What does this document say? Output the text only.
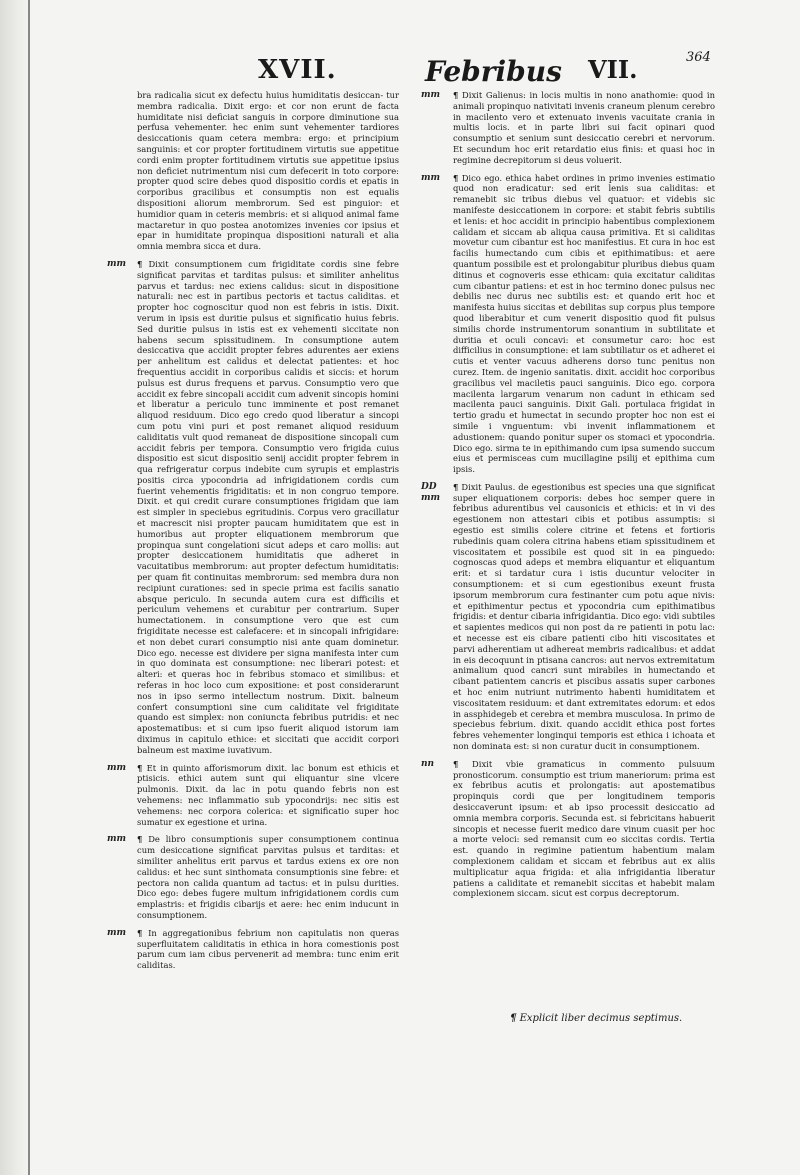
XVII.	Febribus VII.	364

bra radicalia sicut ex defectu huius humiditatis desiccan- tur membra radicalia. Dixit ergo: et cor non erunt de facta humiditate nisi deficiat sanguis in corpore diminutione sua perfusa vehementer. hec enim sunt vehementer tardiores desiccationis quam cetera membra: ergo: et principium sanguinis: et cor propter fortitudinem virtutis sue appetitue cordi enim propter fortitudinem virtutis sue appetitue ipsius non deficiet nutrimentum nisi cum defecerit in toto corpore: propter quod scire debes quod dispositio cordis et epatis in corporibus gracilibus et consumptis non est equalis dispositioni aliorum membrorum. Sed est pinguior: et humidior quam in ceteris membris: et si aliquod animal fame mactaretur in quo postea anotomizes invenies cor ipsius et epar in humiditate propinqua dispositioni naturali et alia omnia membra sicca et dura.

mm ¶ Dixit consumptionem cum frigiditate cordis sine febre significat parvitas et tarditas pulsus: et similiter anhelitus parvus et tardus: nec exiens calidus: sicut in dispositione naturali: nec est in partibus pectoris et tactus caliditas. et propter hoc cognoscitur quod non est febris in istis. Dixit. verum in ipsis est duritie pulsus et significatio huius febris. Sed duritie pulsus in istis est ex vehementi siccitate non habens secum spissitudinem. In consumptione autem desiccativa que accidit propter febres adurentes aer exiens per anhelitum est calidus et delectat patientes: et hoc frequentius accidit in corporibus calidis et siccis: et horum pulsus est durus frequens et parvus. Consumptio vero que accidit ex febre sincopali accidit cum advenit sincopis homini et liberatur a periculo tunc imminente et post remanet aliquod residuum. Dico ego credo quod liberatur a sincopi cum potu vini puri et post remanet aliquod residuum caliditatis vult quod remaneat de dispositione sincopali cum accidit febris per tempora. Consumptio vero frigida cuius dispositio est sicut dispositio senij accidit propter febrem in qua refrigeratur corpus indebite cum syrupis et emplastris positis circa ypocondria ad infrigidationem cordis cum fuerint vehementis frigiditatis: et in non congruo tempore. Dixit. et qui credit curare consumptiones frigidam que iam est simpler in speciebus egritudinis. Corpus vero gracillatur et macrescit nisi propter paucam humiditatem que est in humoribus aut propter eliquationem membrorum que propinqua sunt congelationi sicut adeps et caro mollis: aut propter desiccationem humiditatis que adheret in vacuitatibus membrorum: aut propter defectum humiditatis: per quam fit continuitas membrorum: sed membra dura non recipiunt curationes: sed in specie prima est facilis sanatio absque periculo. In secunda autem cura est difficilis et periculum vehemens et curabitur per contrarium. Super humectationem. in consumptione vero que est cum frigiditate necesse est calefacere: et in sincopali infrigidare: et non debet curari consumptio nisi ante quam dominetur. Dico ego. necesse est dividere per signa manifesta inter cum in quo dominata est consumptione: nec liberari potest: et alteri: et queras hoc in febribus stomaco et similibus: et referas in hoc loco cum expositione: et post considerarunt nos in ipso sermo intellectum nostrum. Dixit. balneum confert consumptioni sine cum caliditate vel frigiditate quando est simplex: non coniuncta febribus putridis: et nec apostematibus: et si cum ipso fuerit aliquod istorum iam diximus in capitulo ethice: et siccitati que accidit corpori balneum est maxime iuvativum.

mm ¶ Et in quinto afforismorum dixit. lac bonum est ethicis et ptisicis. ethici autem sunt qui eliquantur sine vlcere pulmonis. Dixit. da lac in potu quando febris non est vehemens: nec inflammatio sub ypocondrijs: nec sitis est vehemens: nec corpora colerica: et significatio super hoc sumatur ex egestione et urina.

mm ¶ De libro consumptionis super consumptionem continua cum desiccatione significat parvitas pulsus et tarditas: et similiter anhelitus erit parvus et tardus exiens ex ore non calidus: et hec sunt sinthomata consumptionis sine febre: et pectora non calida quantum ad tactus: et in pulsu durities. Dico ego: debes fugere multum infrigidationem cordis cum emplastris: et frigidis cibarijs et aere: hec enim inducunt in consumptionem.

mm ¶ In aggregationibus febrium non capitulatis non queras superfluitatem caliditatis in ethica in hora comestionis post parum cum iam cibus pervenerit ad membra: tunc enim erit caliditas.

mm ¶ Dixit Galienus: in locis multis in nono anathomie: quod in animali propinquo nativitati invenis craneum plenum cerebro in macilento vero et extenuato invenis vacuitate crania in multis locis. et in parte libri sui facit opinari quod consumptio et senium sunt desiccatio cerebri et nervorum. Et secundum hoc erit retardatio eius finis: et quasi hoc in regimine decrepitorum si deus voluerit.

mm ¶ Dico ego. ethica habet ordines in primo invenies estimatio quod non eradicatur: sed erit lenis sua caliditas: et remanebit sic tribus diebus vel quatuor: et videbis sic manifeste desiccationem in corpore: et stabit febris subtilis et lenis: et hoc accidit in principio habentibus complexionem calidam et siccam ab aliqua causa primitiva. Et si caliditas movetur cum cibantur est hoc manifestius. Et cura in hoc est facilis humectando cum cibis et epithimatibus: et aere quantum possibile est et prolongabitur pluribus diebus quam ditinus et cognoveris esse ethicam: quia excitatur caliditas cum cibantur patiens: et est in hoc termino donec pulsus nec debilis nec durus nec subtilis est: et quando erit hoc et manifesta huius siccitas et debilitas sup corpus plus tempore quod liberabitur et cum venerit dispositio quod fit pulsus similis chorde instrumentorum sonantium in subtilitate et duritia et oculi concavi: et consumetur caro: hoc est difficilius in consumptione: et iam subtiliatur os et adheret ei cutis et venter vacuus adherens dorso tunc penitus non curez. Item. de ingenio sanitatis. dixit. accidit hoc corporibus gracilibus vel maciletis pauci sanguinis. Dico ego. corpora macilenta largarum venarum non cadunt in ethicam sed macilenta pauci sanguinis. Dixit Gali. portulaca frigidat in tertio gradu et humectat in secundo propter hoc non est ei simile i vnguentum: vbi invenit inflammationem et adustionem: quando ponitur super os stomaci et ypocondria. Dico ego. sirma te in epithimando cum ipsa sumendo succum eius et permisceas cum mucillagine psilij et epithima cum ipsis.

DD
mm
¶ Dixit Paulus. de egestionibus est species una que significat super eliquationem corporis: debes hoc semper quere in febribus adurentibus vel causonicis et ethicis: et in vi des egestionem non attestari cibis et potibus assumptis: si egestio est similis colere citrine et fetens et fortioris rubedinis quam colera citrina habens etiam spissitudinem et viscositatem et possibile est quod sit in ea pinguedo: cognoscas quod adeps et membra eliquantur et eliquantum erit: et si tardatur cura i istis ducuntur velociter in consumptionem: et si cum egestionibus exeunt frusta ipsorum membrorum cura festinanter cum potu aque nivis: et epithimentur pectus et ypocondria cum epithimatibus frigidis: et dentur cibaria infrigidantia. Dico ego: vidi subtiles et sapientes medicos qui non post da re patienti in potu lac: et necesse est eis cibare patienti cibo hiti viscositates et parvi adherentiam ut adhereat membris radicalibus: et addat in eis decoquunt in ptisana cancros: aut nervos extremitatum animalium quod cancri sunt mirabiles in humectando et cibant patientem cancris et piscibus assatis super carbones et hoc enim nutriunt nutrimento habenti humiditatem et viscositatem residuum: et dant extremitates edorum: et edos in assphidegeb et cerebra et membra musculosa. In primo de speciebus febrium. dixit. quando accidit ethica post fortes febres vehementer longinqui temporis est ethica i ichoata et non dominata est: si non curatur ducit in consumptionem.

nn ¶ Dixit vbie gramaticus in commento pulsuum pronosticorum. consumptio est trium maneriorum: prima est ex febribus acutis et prolongatis: aut apostematibus propinquis cordi que per longitudinem temporis desiccaverunt ipsum: et ab ipso processit desiccatio ad omnia membra corporis. Secunda est. si febricitans habuerit sincopis et necesse fuerit medico dare vinum cuasit per hoc a morte veloci: sed remansit cum eo siccitas cordis. Tertia est. quando in regimine patientum habentium malam complexionem calidam et siccam et febribus aut ex aliis multiplicatur aqua frigida: et alia infrigidantia liberatur patiens a caliditate et remanebit siccitas et habebit malam complexionem siccam. sicut est corpus decreptorum.

¶ Explicit liber decimus septimus.
